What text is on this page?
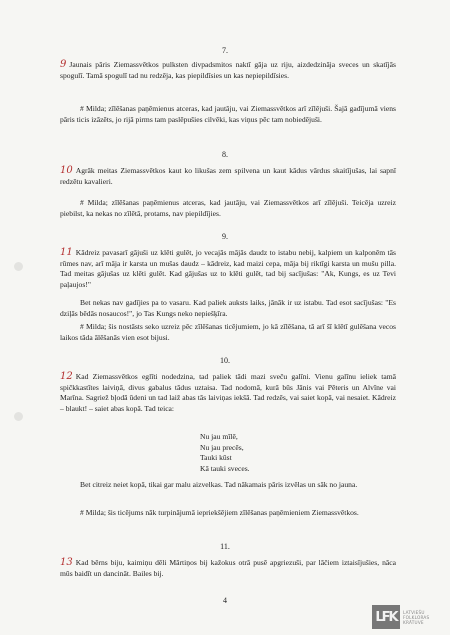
7.

9 Jaunais pāris Ziemassvētkos pulksten divpadsmitos naktī gāja uz riju, aizdedzināja sveces un skatījās spogulī. Tamā spogulī tad nu redzēja, kas piepildīsies un kas nepiepildīsies.

# Milda; zīlēšanas paņēmienus atceras, kad jautāju, vai Ziemassvētkos arī zīlējuši. Šajā gadījumā viens pāris ticis izāzēts, jo rijā pirms tam paslēpušies cilvēki, kas viņus pēc tam nobiedējuši.

8.

10 Agrāk meitas Ziemassvētkos kaut ko likušas zem spilvena un kaut kādus vārdus skaitījušas, lai sapnī redzētu kavalieri.

# Milda; zīlēšanas paņēmienus atceras, kad jautāju, vai Ziemassvētkos arī zīlējuši. Teicēja uzreiz piebilst, ka nekas no zīlētā, protams, nav piepildījies.

9.

11 Kādreiz pavasarī gājuši uz klēti gulēt, jo vecajās mājās daudz to istabu nebij, kalpiem un kalponēm tās rūmes nav, arī māja ir karsta un mušas daudz – kādreiz, kad maizi cepa, māja bij riktīgi karsta un mušu pilla. Tad meitas gājušas uz klēti gulēt. Kad gājušas uz to klēti gulēt, tad bij sacījušas: "Ak, Kungs, es uz Tevi paļaujos!"

Bet nekas nav gadījies pa to vasaru. Kad paliek auksts laiks, jānāk ir uz istabu. Tad esot sacījušas: "Es dziļās bēdās nosaucos!", jo Tas Kungs neko nepiešķīra.

# Milda; šis nostāsts seko uzreiz pēc zīlēšanas ticējumiem, jo kā zīlēšana, tā arī šī klētī gulēšana vecos laikos tāda ālēšanās vien esot bijusi.

10.

12 Kad Ziemassvētkos eglīti nodedzina, tad paliek tādi mazi sveču galīni. Vienu galīnu ieliek tamā spičkkastītes laiviņā, divus gabalus tādus uztaisa. Tad nodomā, kurā būs Jānis vai Pēteris un Alvīne vai Marīna. Sagriež bļodā ūdeni un tad laiž abas tās laiviņas iekšā. Tad redzēs, vai saiet kopā, vai nesaiet. Kādreiz – blaukt! – saiet abas kopā. Tad teica:

Nu jau mīlē,
Nu jau precēs,
Tauki kūst
Kā tauki sveces.

Bet citreiz neiet kopā, tikai gar malu aizvelkas. Tad nākamais pāris izvēlas un sāk no jauna.

# Milda; šis ticējums nāk turpinājumā iepriekšējiem zīlēšanas paņēmieniem Ziemassvētkos.

11.

13 Kad bērns biju, kaimiņu dēli Mārtiņos bij kažokus otrā pusē apgriezuši, par lāčiem iztaisījušies, nāca mūs baidīt un dancināt. Bailes bij.

4
LFK	LATVIEŠU
FOLKLORAS
KRĀTUVE
